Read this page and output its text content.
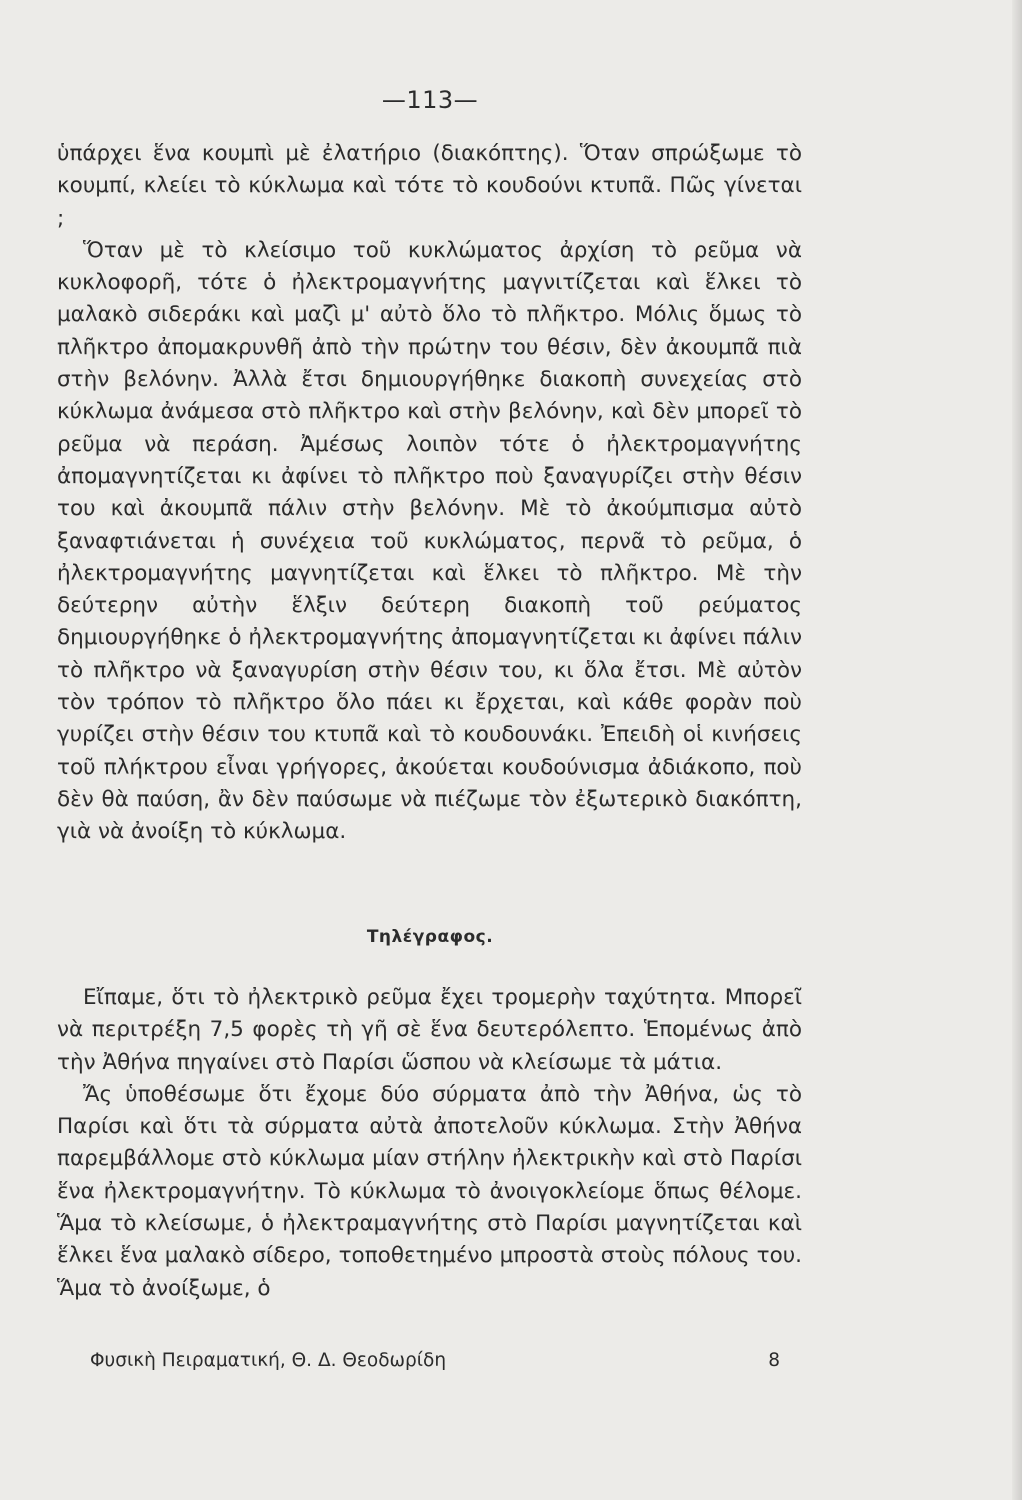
—113—

ὑπάρχει ἕνα κουμπὶ μὲ ἐλατήριο (διακόπτης). Ὅταν σπρώξωμε τὸ κουμπί, κλείει τὸ κύκλωμα καὶ τότε τὸ κουδούνι κτυπᾶ. Πῶς γίνεται ;

Ὅταν μὲ τὸ κλείσιμο τοῦ κυκλώματος ἀρχίση τὸ ρεῦμα νὰ κυκλοφορῆ, τότε ὁ ἠλεκτρομαγνήτης μαγνιτίζεται καὶ ἕλκει τὸ μαλακὸ σιδεράκι καὶ μαζὶ μ' αὐτὸ ὅλο τὸ πλῆκτρο. Μόλις ὅμως τὸ πλῆκτρο ἀπομακρυνθῆ ἀπὸ τὴν πρώτην του θέσιν, δὲν ἀκουμπᾶ πιὰ στὴν βελόνην. Ἀλλὰ ἔτσι δημιουργήθηκε διακοπὴ συνεχείας στὸ κύκλωμα ἀνάμεσα στὸ πλῆκτρο καὶ στὴν βελόνην, καὶ δὲν μπορεῖ τὸ ρεῦμα νὰ περάση. Ἀμέσως λοιπὸν τότε ὁ ἠλεκτρομαγνήτης ἀπομαγνητίζεται κι ἀφίνει τὸ πλῆκτρο ποὺ ξαναγυρίζει στὴν θέσιν του καὶ ἀκουμπᾶ πάλιν στὴν βελόνην. Μὲ τὸ ἀκούμπισμα αὐτὸ ξαναφτιάνεται ἡ συνέχεια τοῦ κυκλώματος, περνᾶ τὸ ρεῦμα, ὁ ἠλεκτρομαγνήτης μαγνητίζεται καὶ ἕλκει τὸ πλῆκτρο. Μὲ τὴν δεύτερην αὐτὴν ἕλξιν δεύτερη διακοπὴ τοῦ ρεύματος δημιουργήθηκε ὁ ἠλεκτρομαγνήτης ἀπομαγνητίζεται κι ἀφίνει πάλιν τὸ πλῆκτρο νὰ ξαναγυρίση στὴν θέσιν του, κι ὅλα ἔτσι. Μὲ αὐτὸν τὸν τρόπον τὸ πλῆκτρο ὅλο πάει κι ἔρχεται, καὶ κάθε φορὰν ποὺ γυρίζει στὴν θέσιν του κτυπᾶ καὶ τὸ κουδουνάκι. Ἐπειδὴ οἱ κινήσεις τοῦ πλήκτρου εἶναι γρήγορες, ἀκούεται κουδούνισμα ἀδιάκοπο, ποὺ δὲν θὰ παύση, ἂν δὲν παύσωμε νὰ πιέζωμε τὸν ἐξωτερικὸ διακόπτη, γιὰ νὰ ἀνοίξη τὸ κύκλωμα.

Τηλέγραφος.

Εἴπαμε, ὅτι τὸ ἠλεκτρικὸ ρεῦμα ἔχει τρομερὴν ταχύτητα. Μπορεῖ νὰ περιτρέξη 7,5 φορὲς τὴ γῆ σὲ ἕνα δευτερόλεπτο. Ἑπομένως ἀπὸ τὴν Ἀθήνα πηγαίνει στὸ Παρίσι ὥσπου νὰ κλείσωμε τὰ μάτια.

Ἄς ὑποθέσωμε ὅτι ἔχομε δύο σύρματα ἀπὸ τὴν Ἀθήνα, ὡς τὸ Παρίσι καὶ ὅτι τὰ σύρματα αὐτὰ ἀποτελοῦν κύκλωμα. Στὴν Ἀθήνα παρεμβάλλομε στὸ κύκλωμα μίαν στήλην ἠλεκτρικὴν καὶ στὸ Παρίσι ἕνα ἠλεκτρομαγνήτην. Τὸ κύκλωμα τὸ ἀνοιγοκλείομε ὅπως θέλομε. Ἅμα τὸ κλείσωμε, ὁ ἠλεκτραμαγνήτης στὸ Παρίσι μαγνητίζεται καὶ ἕλκει ἕνα μαλακὸ σίδερο, τοποθετημένο μπροστὰ στοὺς πόλους του. Ἅμα τὸ ἀνοίξωμε, ὁ

Φυσικὴ Πειραματική, Θ. Δ. Θεοδωρίδη	8
